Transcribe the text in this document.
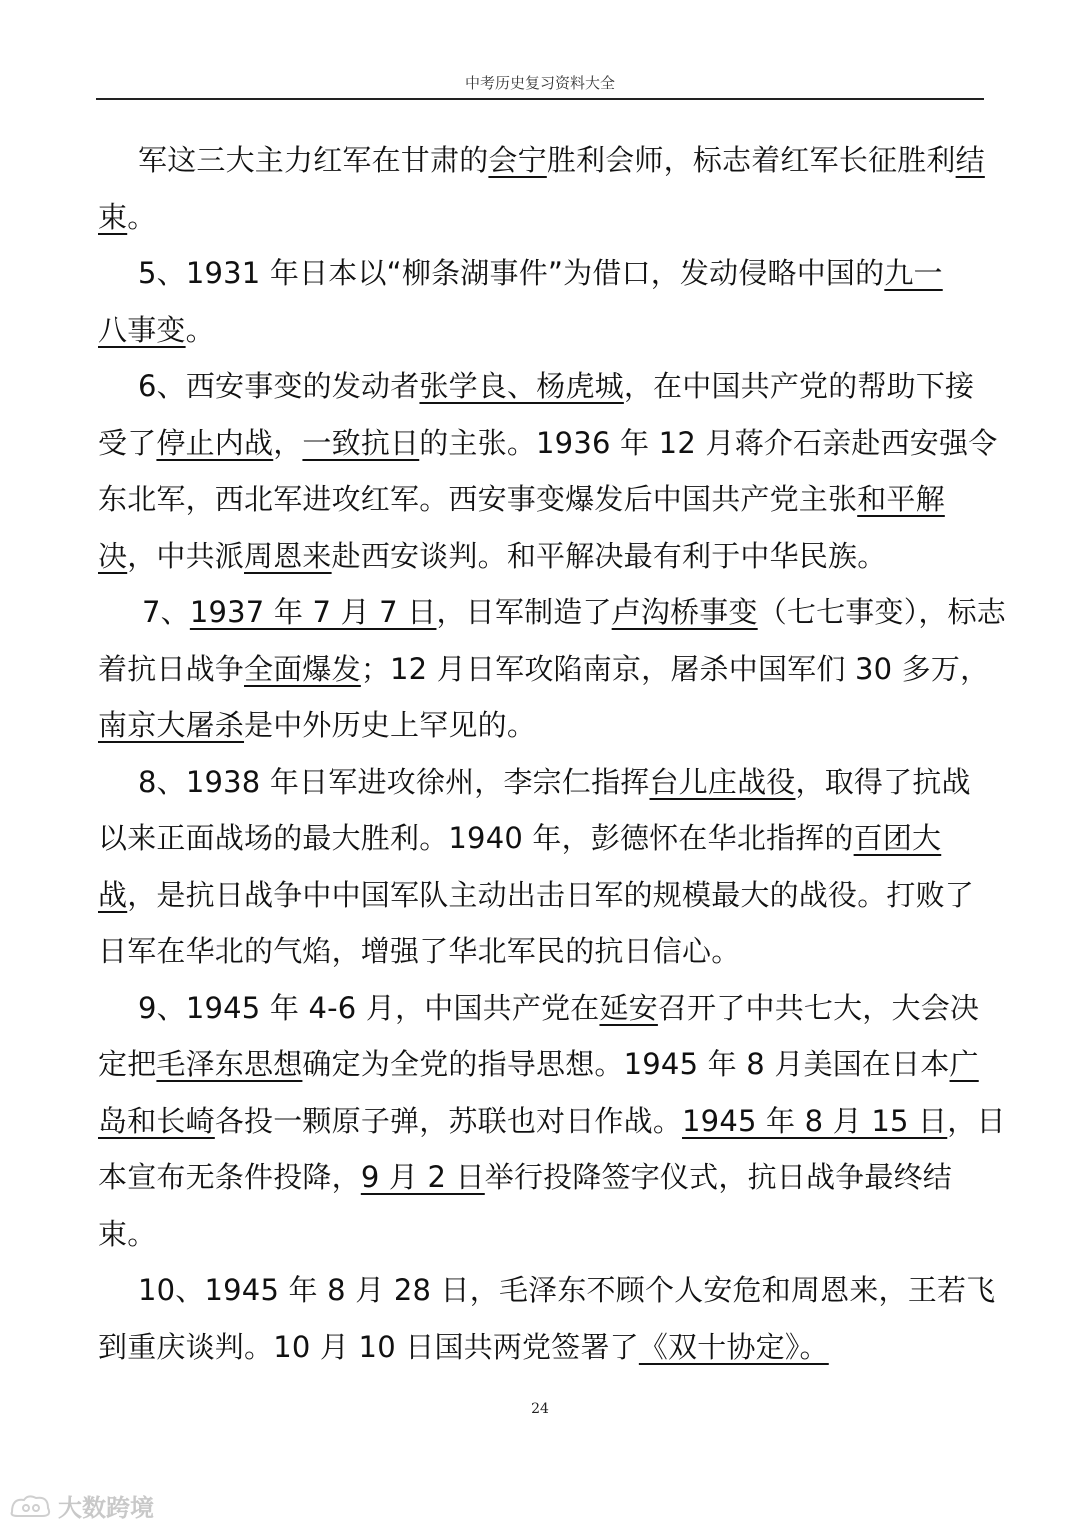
中考历史复习资料大全
军这三大主力红军在甘肃的会宁胜利会师，标志着红军长征胜利结
束。
5、1931 年日本以“柳条湖事件”为借口，发动侵略中国的九一
八事变。
6、西安事变的发动者张学良、杨虎城，在中国共产党的帮助下接
受了停止内战，一致抗日的主张。1936 年 12 月蒋介石亲赴西安强令
东北军，西北军进攻红军。西安事变爆发后中国共产党主张和平解
决，中共派周恩来赴西安谈判。和平解决最有利于中华民族。
7、1937 年 7 月 7 日，日军制造了卢沟桥事变（七七事变），标志
着抗日战争全面爆发；12 月日军攻陷南京，屠杀中国军们 30 多万，
南京大屠杀是中外历史上罕见的。
8、1938 年日军进攻徐州，李宗仁指挥台儿庄战役，取得了抗战
以来正面战场的最大胜利。1940 年，彭德怀在华北指挥的百团大
战，是抗日战争中中国军队主动出击日军的规模最大的战役。打败了
日军在华北的气焰，增强了华北军民的抗日信心。
9、1945 年 4-6 月，中国共产党在延安召开了中共七大，大会决
定把毛泽东思想确定为全党的指导思想。1945 年 8 月美国在日本广
岛和长崎各投一颗原子弹，苏联也对日作战。1945 年 8 月 15 日，日
本宣布无条件投降，9 月 2 日举行投降签字仪式，抗日战争最终结
束。
10、1945 年 8 月 28 日，毛泽东不顾个人安危和周恩来，王若飞
到重庆谈判。10 月 10 日国共两党签署了《双十协定》。
24
大数跨境
